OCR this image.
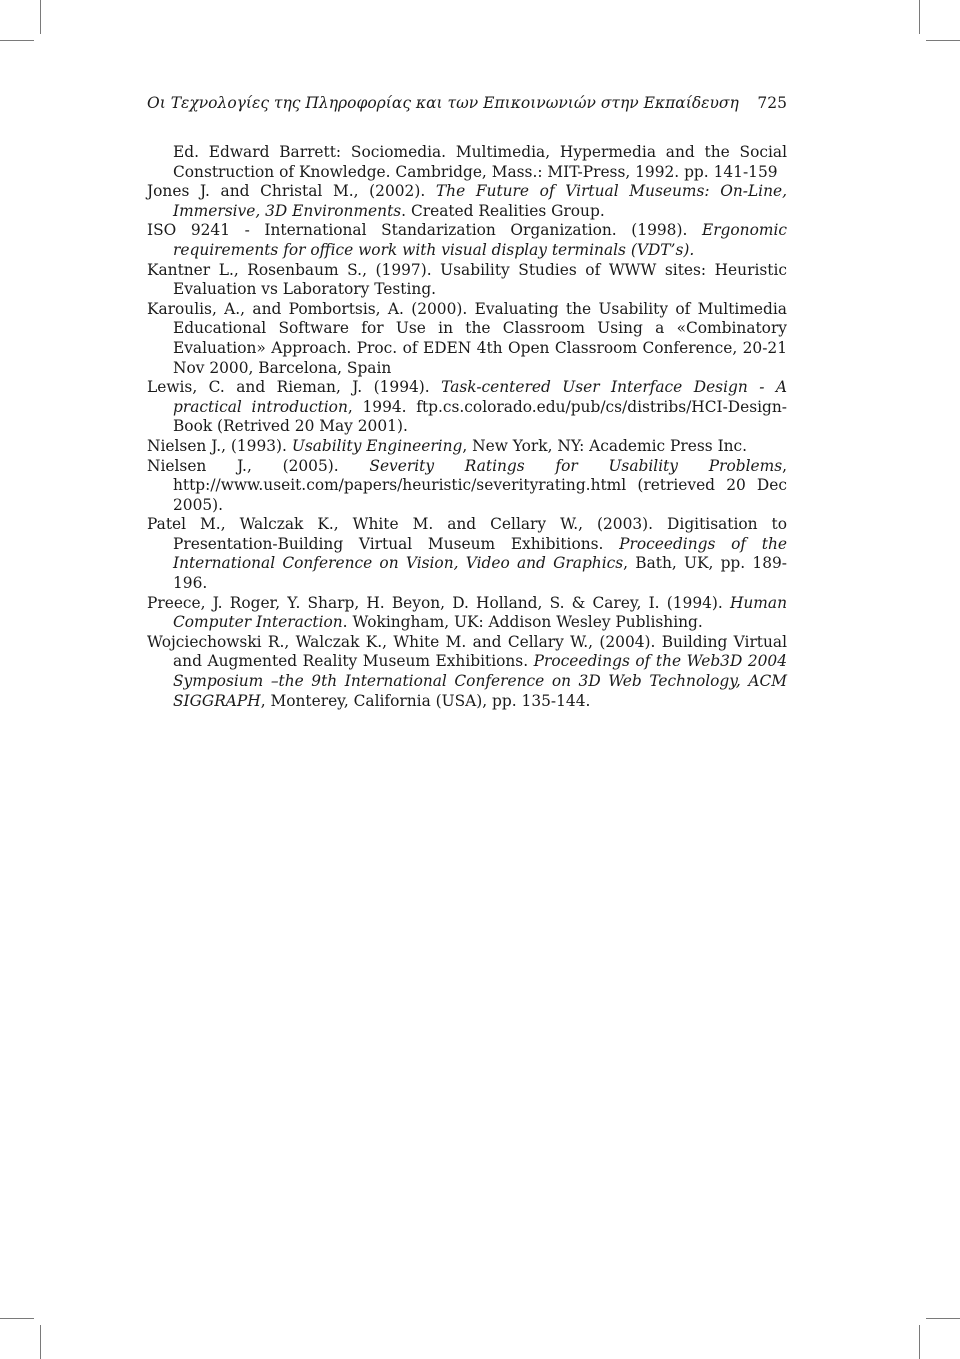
Οι Τεχνολογίες της Πληροφορίας και των Επικοινωνιών στην Εκπαίδευση 725
Ed. Edward Barrett: Sociomedia. Multimedia, Hypermedia and the Social Construction of Knowledge. Cambridge, Mass.: MIT-Press, 1992. pp. 141-159
Jones J. and Christal M., (2002). The Future of Virtual Museums: On-Line, Immersive, 3D Environments. Created Realities Group.
ISO 9241 - International Standarization Organization. (1998). Ergonomic requirements for office work with visual display terminals (VDT’s).
Kantner L., Rosenbaum S., (1997). Usability Studies of WWW sites: Heuristic Evaluation vs Laboratory Testing.
Karoulis, A., and Pombortsis, A. (2000). Evaluating the Usability of Multimedia Educational Software for Use in the Classroom Using a «Combinatory Evaluation» Approach. Proc. of EDEN 4th Open Classroom Conference, 20-21 Nov 2000, Barcelona, Spain
Lewis, C. and Rieman, J. (1994). Task-centered User Interface Design - A practical introduction, 1994. ftp.cs.colorado.edu/pub/cs/distribs/HCI-Design-Book (Retrived 20 May 2001).
Nielsen J., (1993). Usability Engineering, New York, NY: Academic Press Inc.
Nielsen J., (2005). Severity Ratings for Usability Problems, http://www.useit.com/papers/heuristic/severityrating.html (retrieved 20 Dec 2005).
Patel M., Walczak K., White M. and Cellary W., (2003). Digitisation to Presentation-Building Virtual Museum Exhibitions. Proceedings of the International Conference on Vision, Video and Graphics, Bath, UK, pp. 189-196.
Preece, J. Roger, Y. Sharp, H. Beyon, D. Holland, S. & Carey, I. (1994). Human Computer Interaction. Wokingham, UK: Addison Wesley Publishing.
Wojciechowski R., Walczak K., White M. and Cellary W., (2004). Building Virtual and Augmented Reality Museum Exhibitions. Proceedings of the Web3D 2004 Symposium –the 9th International Conference on 3D Web Technology, ACM SIGGRAPH, Monterey, California (USA), pp. 135-144.
